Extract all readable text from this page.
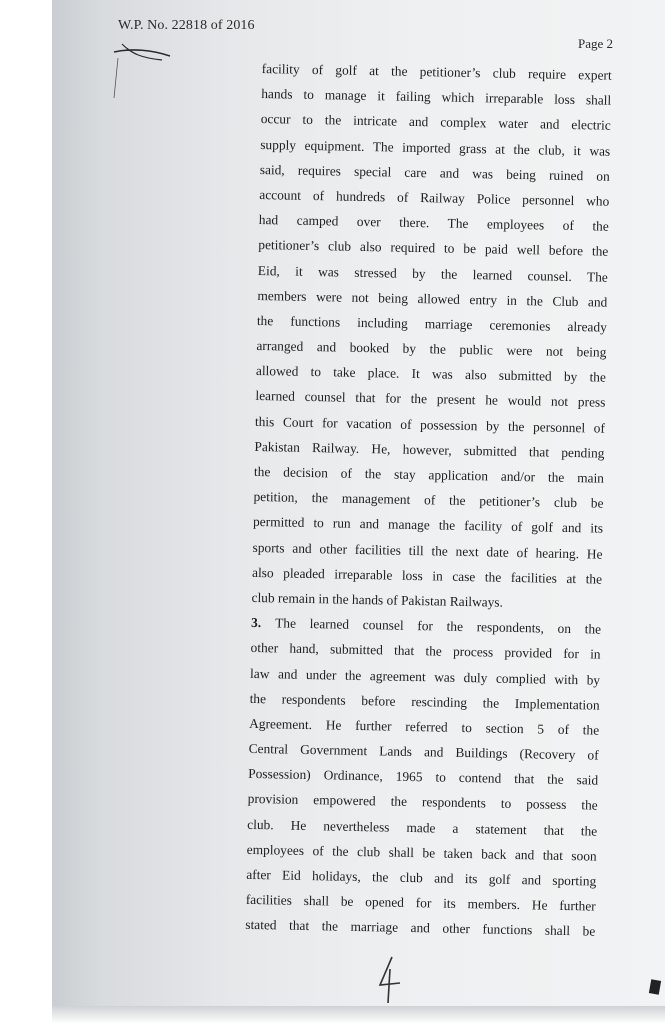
W.P. No. 22818 of 2016
Page 2
facility of golf at the petitioner’s club require expert
hands to manage it failing which irreparable loss shall
occur to the intricate and complex water and electric
supply equipment. The imported grass at the club, it was
said, requires special care and was being ruined on
account of hundreds of Railway Police personnel who
had camped over there. The employees of the
petitioner’s club also required to be paid well before the
Eid, it was stressed by the learned counsel. The
members were not being allowed entry in the Club and
the functions including marriage ceremonies already
arranged and booked by the public were not being
allowed to take place. It was also submitted by the
learned counsel that for the present he would not press
this Court for vacation of possession by the personnel of
Pakistan Railway. He, however, submitted that pending
the decision of the stay application and/or the main
petition, the management of the petitioner’s club be
permitted to run and manage the facility of golf and its
sports and other facilities till the next date of hearing. He
also pleaded irreparable loss in case the facilities at the
club remain in the hands of Pakistan Railways.
3. The learned counsel for the respondents, on the
other hand, submitted that the process provided for in
law and under the agreement was duly complied with by
the respondents before rescinding the Implementation
Agreement. He further referred to section 5 of the
Central Government Lands and Buildings (Recovery of
Possession) Ordinance, 1965 to contend that the said
provision empowered the respondents to possess the
club. He nevertheless made a statement that the
employees of the club shall be taken back and that soon
after Eid holidays, the club and its golf and sporting
facilities shall be opened for its members. He further
stated that the marriage and other functions shall be
